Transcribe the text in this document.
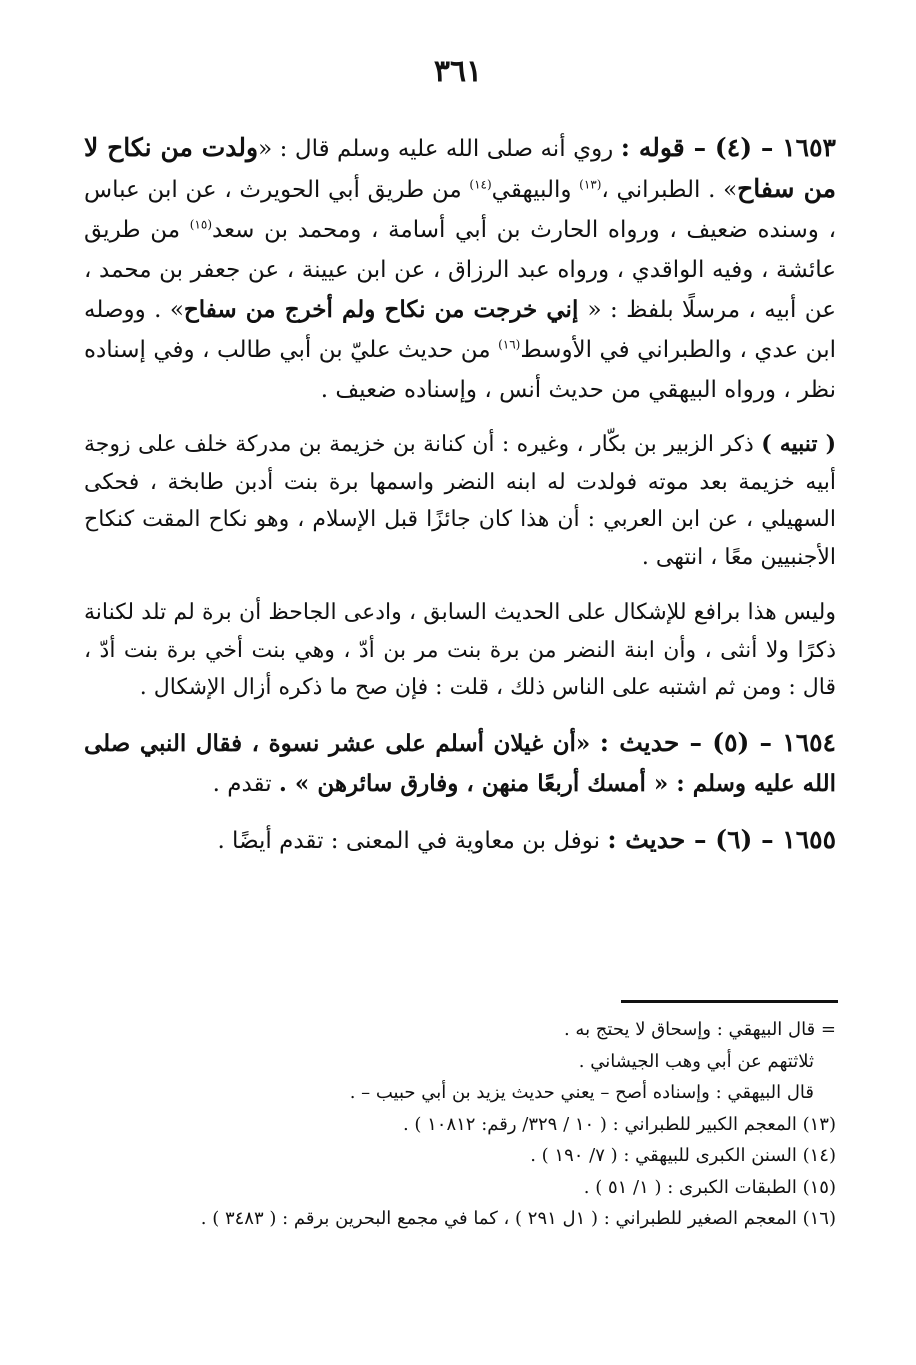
٣٦١

١٦٥٣ – (٤) – قوله : روي أنه صلى الله عليه وسلم قال : «ولدت من نكاح لا من سفاح» . الطبراني ،$^{(١٣)}$ والبيهقي$^{(١٤)}$ من طريق أبي الحويرث ، عن ابن عباس ، وسنده ضعيف ، ورواه الحارث بن أبي أسامة ، ومحمد بن سعد$^{(١٥)}$ من طريق عائشة ، وفيه الواقدي ، ورواه عبد الرزاق ، عن ابن عيينة ، عن جعفر بن محمد ، عن أبيه ، مرسلًا بلفظ : « إني خرجت من نكاح ولم أخرج من سفاح» . ووصله ابن عدي ، والطبراني في الأوسط$^{(١٦)}$ من حديث عليّ بن أبي طالب ، وفي إسناده نظر ، ورواه البيهقي من حديث أنس ، وإسناده ضعيف .

( تنبيه ) ذكر الزبير بن بكّار ، وغيره : أن كنانة بن خزيمة بن مدركة خلف على زوجة أبيه خزيمة بعد موته فولدت له ابنه النضر واسمها برة بنت أدبن طابخة ، فحكى السهيلي ، عن ابن العربي : أن هذا كان جائزًا قبل الإسلام ، وهو نكاح المقت كنكاح الأجنبيين معًا ، انتهى .

وليس هذا برافع للإشكال على الحديث السابق ، وادعى الجاحظ أن برة لم تلد لكنانة ذكرًا ولا أنثى ، وأن ابنة النضر من برة بنت مر بن أدّ ، وهي بنت أخي برة بنت أدّ ، قال : ومن ثم اشتبه على الناس ذلك ، قلت : فإن صح ما ذكره أزال الإشكال .

١٦٥٤ – (٥) – حديث : «أن غيلان أسلم على عشر نسوة ، فقال النبي صلى الله عليه وسلم : « أمسك أربعًا منهن ، وفارق سائرهن » . تقدم .

١٦٥٥ – (٦) – حديث : نوفل بن معاوية في المعنى : تقدم أيضًا .

= قال البيهقي : وإسحاق لا يحتج به .
ثلاثتهم عن أبي وهب الجيشاني .
قال البيهقي : وإسناده أصح – يعني حديث يزيد بن أبي حبيب – .
(١٣) المعجم الكبير للطبراني : ( ١٠ / ٣٢٩/ رقم: ١٠٨١٢ ) .
(١٤) السنن الكبرى للبيهقي : ( ٧/ ١٩٠ ) .
(١٥) الطبقات الكبرى : ( ١/ ٥١ ) .
(١٦) المعجم الصغير للطبراني : ( ١ل ٢٩١ ) ، كما في مجمع البحرين برقم : ( ٣٤٨٣ ) .
